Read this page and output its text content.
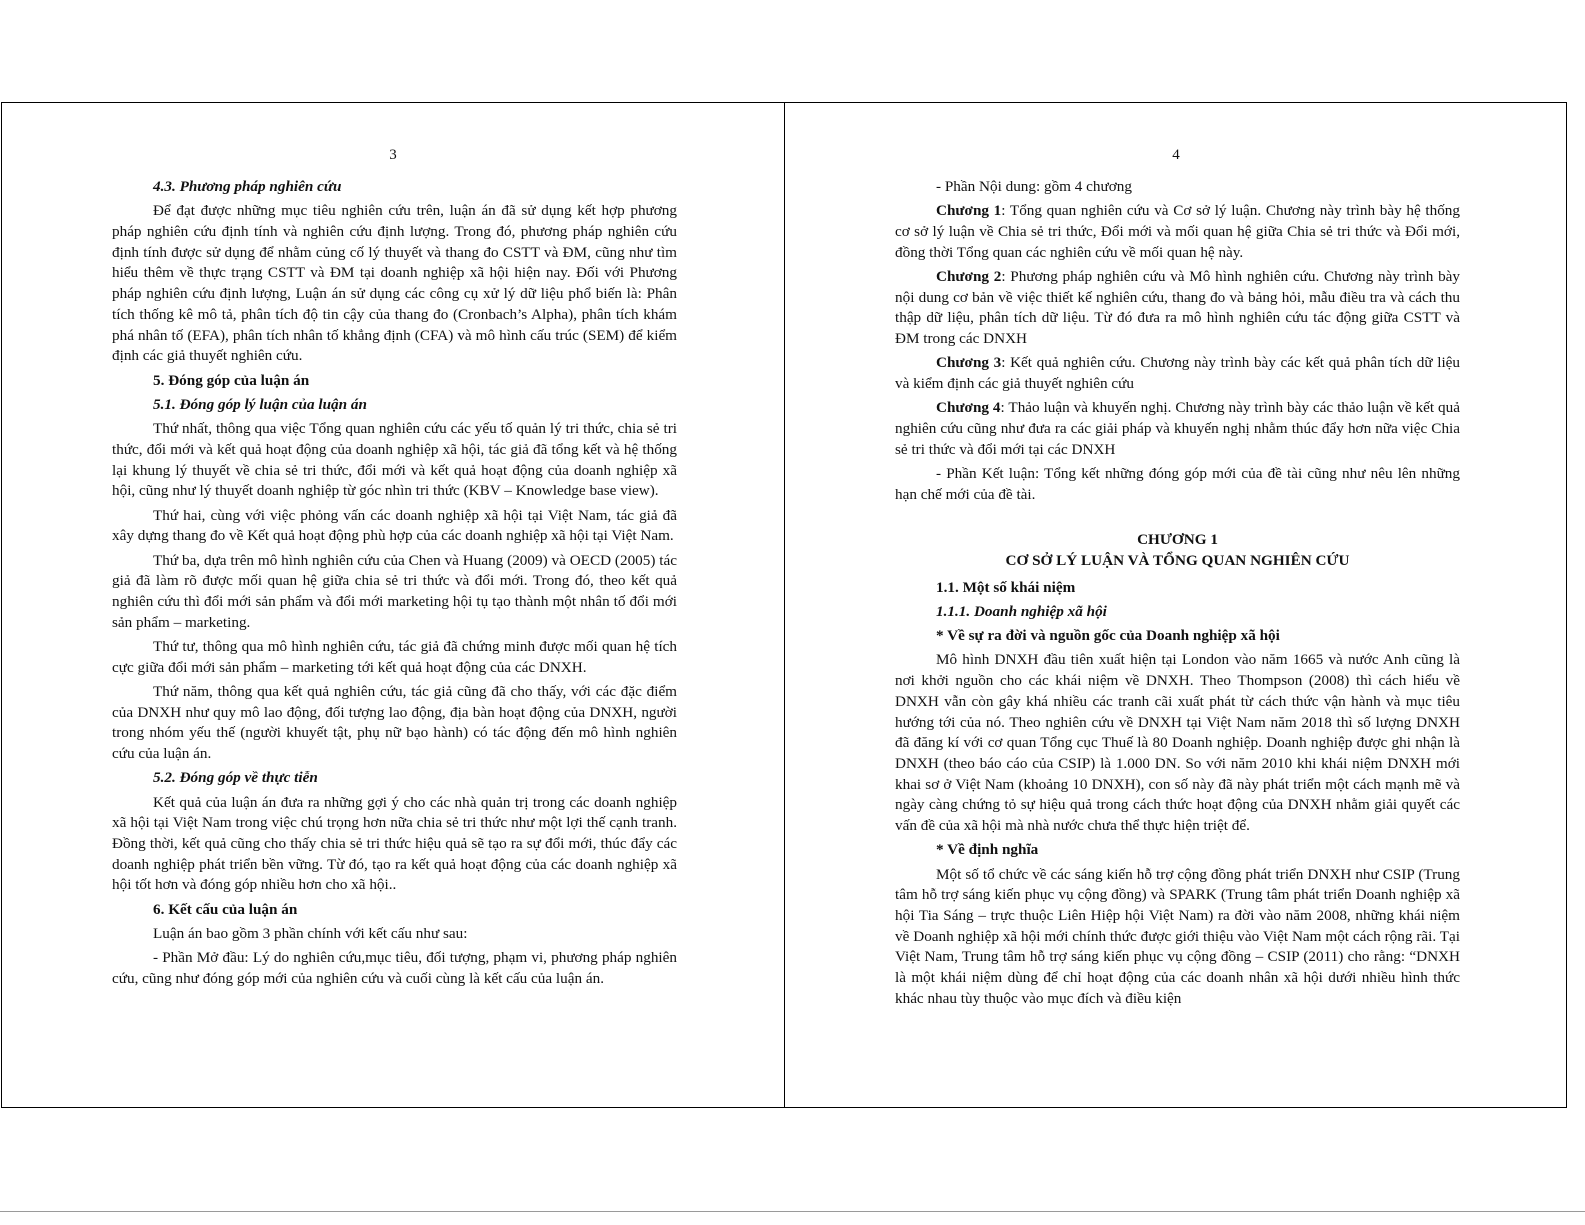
3
4.3. Phương pháp nghiên cứu

Để đạt được những mục tiêu nghiên cứu trên, luận án đã sử dụng kết hợp phương pháp nghiên cứu định tính và nghiên cứu định lượng. Trong đó, phương pháp nghiên cứu định tính được sử dụng để nhằm củng cố lý thuyết và thang đo CSTT và ĐM, cũng như tìm hiểu thêm về thực trạng CSTT và ĐM tại doanh nghiệp xã hội hiện nay. Đối với Phương pháp nghiên cứu định lượng, Luận án sử dụng các công cụ xử lý dữ liệu phổ biến là: Phân tích thống kê mô tả, phân tích độ tin cậy của thang đo (Cronbach’s Alpha), phân tích khám phá nhân tố (EFA), phân tích nhân tố khẳng định (CFA) và mô hình cấu trúc (SEM) để kiểm định các giả thuyết nghiên cứu.

5. Đóng góp của luận án
5.1. Đóng góp lý luận của luận án

Thứ nhất, thông qua việc Tổng quan nghiên cứu các yếu tố quản lý tri thức, chia sẻ tri thức, đổi mới và kết quả hoạt động của doanh nghiệp xã hội, tác giả đã tổng kết và hệ thống lại khung lý thuyết về chia sẻ tri thức, đổi mới và kết quả hoạt động của doanh nghiệp xã hội, cũng như lý thuyết doanh nghiệp từ góc nhìn tri thức (KBV – Knowledge base view).

Thứ hai, cùng với việc phỏng vấn các doanh nghiệp xã hội tại Việt Nam, tác giả đã xây dựng thang đo về Kết quả hoạt động phù hợp của các doanh nghiệp xã hội tại Việt Nam.

Thứ ba, dựa trên mô hình nghiên cứu của Chen và Huang (2009) và OECD (2005) tác giả đã làm rõ được mối quan hệ giữa chia sẻ tri thức và đổi mới. Trong đó, theo kết quả nghiên cứu thì đổi mới sản phẩm và đổi mới marketing hội tụ tạo thành một nhân tố đổi mới sản phẩm – marketing.

Thứ tư, thông qua mô hình nghiên cứu, tác giả đã chứng minh được mối quan hệ tích cực giữa đổi mới sản phẩm – marketing tới kết quả hoạt động của các DNXH.

Thứ năm, thông qua kết quả nghiên cứu, tác giả cũng đã cho thấy, với các đặc điểm của DNXH như quy mô lao động, đối tượng lao động, địa bàn hoạt động của DNXH, người trong nhóm yếu thế (người khuyết tật, phụ nữ bạo hành) có tác động đến mô hình nghiên cứu của luận án.

5.2. Đóng góp về thực tiễn

Kết quả của luận án đưa ra những gợi ý cho các nhà quản trị trong các doanh nghiệp xã hội tại Việt Nam trong việc chú trọng hơn nữa chia sẻ tri thức như một lợi thế cạnh tranh. Đồng thời, kết quả cũng cho thấy chia sẻ tri thức hiệu quả sẽ tạo ra sự đổi mới, thúc đẩy các doanh nghiệp phát triển bền vững. Từ đó, tạo ra kết quả hoạt động của các doanh nghiệp xã hội tốt hơn và đóng góp nhiều hơn cho xã hội..

6. Kết cấu của luận án

Luận án bao gồm 3 phần chính với kết cấu như sau:

- Phần Mở đầu: Lý do nghiên cứu,mục tiêu, đối tượng, phạm vi, phương pháp nghiên cứu, cũng như đóng góp mới của nghiên cứu và cuối cùng là kết cấu của luận án.

4

- Phần Nội dung: gồm 4 chương

Chương 1: Tổng quan nghiên cứu và Cơ sở lý luận. Chương này trình bày hệ thống cơ sở lý luận về Chia sẻ tri thức, Đổi mới và mối quan hệ giữa Chia sẻ tri thức và Đổi mới, đồng thời Tổng quan các nghiên cứu về mối quan hệ này.

Chương 2: Phương pháp nghiên cứu và Mô hình nghiên cứu. Chương này trình bày nội dung cơ bản về việc thiết kế nghiên cứu, thang đo và bảng hỏi, mẫu điều tra và cách thu thập dữ liệu, phân tích dữ liệu. Từ đó đưa ra mô hình nghiên cứu tác động giữa CSTT và ĐM trong các DNXH

Chương 3: Kết quả nghiên cứu. Chương này trình bày các kết quả phân tích dữ liệu và kiểm định các giả thuyết nghiên cứu

Chương 4: Thảo luận và khuyến nghị. Chương này trình bày các thảo luận về kết quả nghiên cứu cũng như đưa ra các giải pháp và khuyến nghị nhằm thúc đẩy hơn nữa việc Chia sẻ tri thức và đổi mới tại các DNXH

- Phần Kết luận: Tổng kết những đóng góp mới của đề tài cũng như nêu lên những hạn chế mới của đề tài.

CHƯƠNG 1
CƠ SỞ LÝ LUẬN VÀ TỔNG QUAN NGHIÊN CỨU
1.1. Một số khái niệm
1.1.1. Doanh nghiệp xã hội
* Về sự ra đời và nguồn gốc của Doanh nghiệp xã hội

Mô hình DNXH đầu tiên xuất hiện tại London vào năm 1665 và nước Anh cũng là nơi khởi nguồn cho các khái niệm về DNXH. Theo Thompson (2008) thì cách hiểu về DNXH vẫn còn gây khá nhiều các tranh cãi xuất phát từ cách thức vận hành và mục tiêu hướng tới của nó. Theo nghiên cứu về DNXH tại Việt Nam năm 2018 thì số lượng DNXH đã đăng kí với cơ quan Tổng cục Thuế là 80 Doanh nghiệp. Doanh nghiệp được ghi nhận là DNXH (theo báo cáo của CSIP) là 1.000 DN. So với năm 2010 khi khái niệm DNXH mới khai sơ ở Việt Nam (khoảng 10 DNXH), con số này đã này phát triển một cách mạnh mẽ và ngày càng chứng tỏ sự hiệu quả trong cách thức hoạt động của DNXH nhằm giải quyết các vấn đề của xã hội mà nhà nước chưa thể thực hiện triệt để.

* Về định nghĩa

Một số tổ chức về các sáng kiến hỗ trợ cộng đồng phát triển DNXH như CSIP (Trung tâm hỗ trợ sáng kiến phục vụ cộng đồng) và SPARK (Trung tâm phát triển Doanh nghiệp xã hội Tia Sáng – trực thuộc Liên Hiệp hội Việt Nam) ra đời vào năm 2008, những khái niệm về Doanh nghiệp xã hội mới chính thức được giới thiệu vào Việt Nam một cách rộng rãi. Tại Việt Nam, Trung tâm hỗ trợ sáng kiến phục vụ cộng đồng – CSIP (2011) cho rằng: “DNXH là một khái niệm dùng để chỉ hoạt động của các doanh nhân xã hội dưới nhiều hình thức khác nhau tùy thuộc vào mục đích và điều kiện
